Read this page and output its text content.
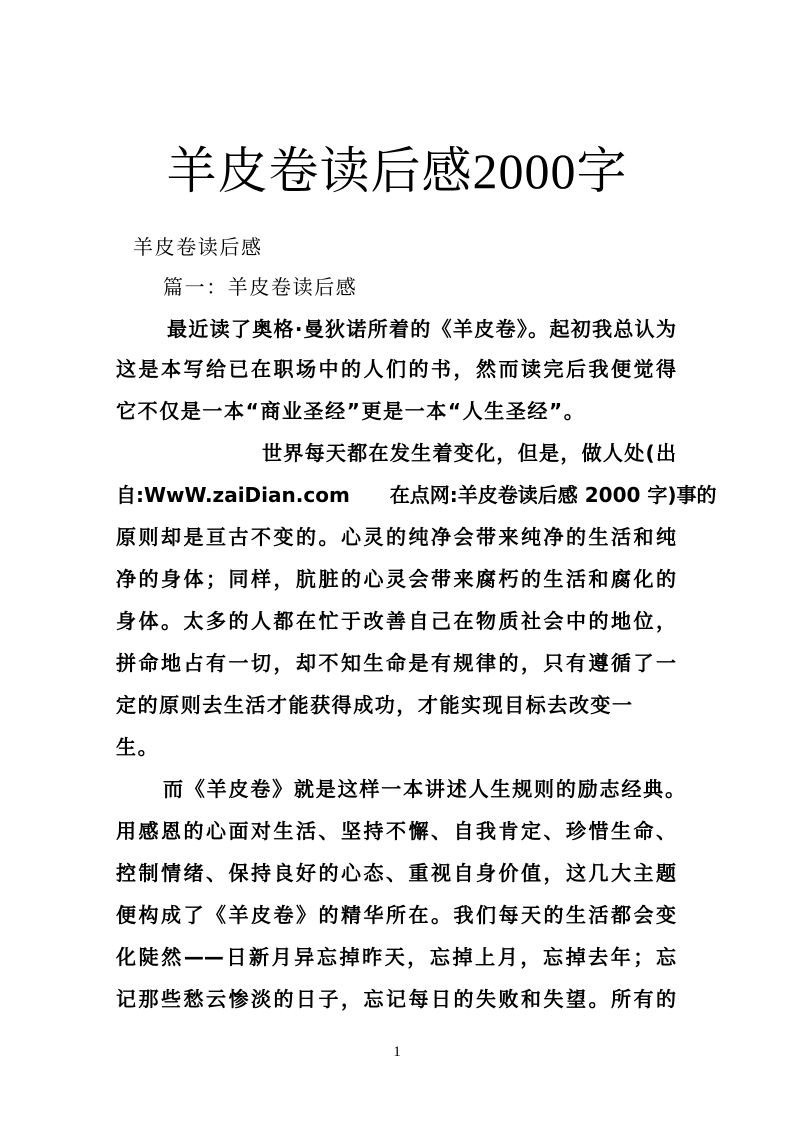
羊皮卷读后感2000字
羊皮卷读后感
篇一：羊皮卷读后感
最近读了奥格·曼狄诺所着的《羊皮卷》。起初我总认为
这是本写给已在职场中的人们的书，然而读完后我便觉得
它不仅是一本“商业圣经”更是一本“人生圣经”。
世界每天都在发生着变化，但是，做人处(出
自:WwW.zaiDian.com　　在点网:羊皮卷读后感 2000 字)事的
原则却是亘古不变的。心灵的纯净会带来纯净的生活和纯
净的身体；同样，肮脏的心灵会带来腐朽的生活和腐化的
身体。太多的人都在忙于改善自己在物质社会中的地位，
拼命地占有一切，却不知生命是有规律的，只有遵循了一
定的原则去生活才能获得成功，才能实现目标去改变一
生。
而《羊皮卷》就是这样一本讲述人生规则的励志经典。
用感恩的心面对生活、坚持不懈、自我肯定、珍惜生命、
控制情绪、保持良好的心态、重视自身价值，这几大主题
便构成了《羊皮卷》的精华所在。我们每天的生活都会变
化陡然——日新月异忘掉昨天，忘掉上月，忘掉去年；忘
记那些愁云惨淡的日子，忘记每日的失败和失望。所有的
1
